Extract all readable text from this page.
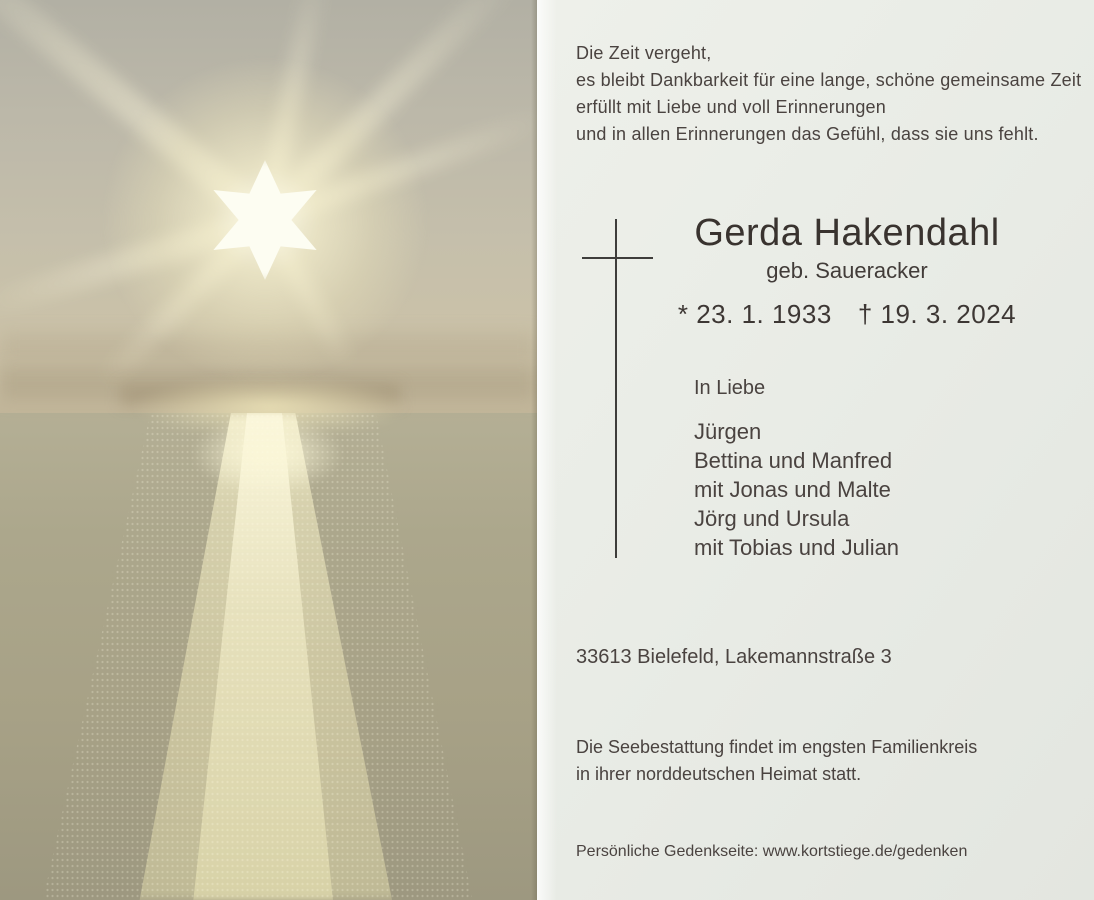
Die Zeit vergeht,
es bleibt Dankbarkeit für eine lange, schöne gemeinsame Zeit
erfüllt mit Liebe und voll Erinnerungen
und in allen Erinnerungen das Gefühl, dass sie uns fehlt.
Gerda Hakendahl
geb. Saueracker
* 23. 1. 1933 † 19. 3. 2024
In Liebe
Jürgen
Bettina und Manfred
mit Jonas und Malte
Jörg und Ursula
mit Tobias und Julian
33613 Bielefeld, Lakemannstraße 3
Die Seebestattung findet im engsten Familienkreis
in ihrer norddeutschen Heimat statt.
Persönliche Gedenkseite: www.kortstiege.de/gedenken
